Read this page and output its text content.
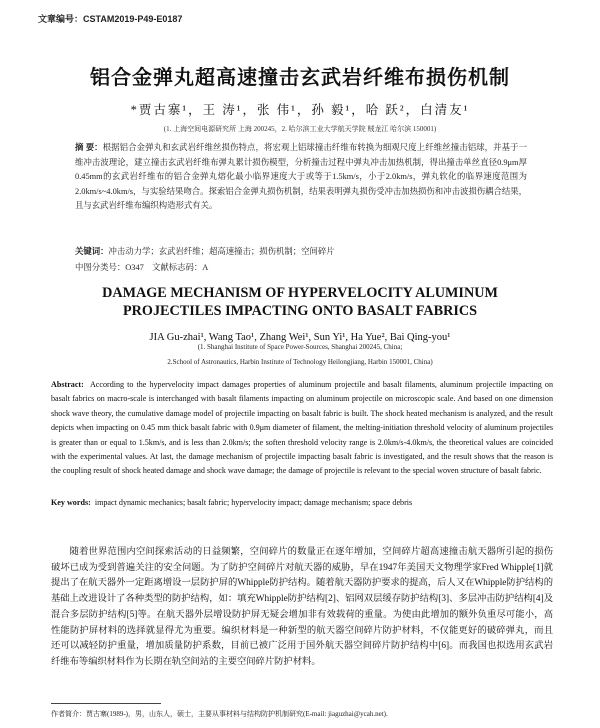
文章编号：CSTAM2019-P49-E0187
铝合金弹丸超高速撞击玄武岩纤维布损伤机制
*贾古寨¹，王 涛¹，张 伟¹，孙 毅¹，哈 跃²，白清友¹
(1. 上海空间电源研究所 上海 200245，2. 哈尔滨工业大学航天学院 贼龙江 哈尔滨 150001)
摘 要：根据铝合金弹丸和玄武岩纤维丝损伤特点，将宏观上铝球撞击纤维布转换为细观尺度上纤维丝撞击铝球，并基于一维冲击波理论，建立撞击玄武岩纤维布弹丸累计损伤模型，分析撞击过程中弹丸冲击加热机制，得出撞击单丝直径0.9μm厚0.45mm的玄武岩纤维布的铝合金弹丸熔化最小临界速度大于或等于1.5km/s，小于2.0km/s，弹丸软化的临界速度范围为2.0km/s~4.0km/s，与实验结果吻合。探索铝合金弹丸损伤机制，结果表明弹丸损伤受冲击加热损伤和冲击波损伤耦合结果，且与玄武岩纤维布编织构造形式有关。
关键词：冲击动力学；玄武岩纤维；超高速撞击；损伤机制；空间碎片
中图分类号：O347 文献标志码：A
DAMAGE MECHANISM OF HYPERVELOCITY ALUMINUM
PROJECTILES IMPACTING ONTO BASALT FABRICS
JIA Gu-zhai¹, Wang Tao¹, Zhang Wei¹, Sun Yi¹, Ha Yue², Bai Qing-you¹
(1. Shanghai Institute of Space Power-Sources, Shanghai 200245, China;
2.School of Astronautics, Harbin Institute of Technology Heilongjiang, Harbin 150001, China)
Abstract: According to the hypervelocity impact damages properties of aluminum projectile and basalt filaments, aluminum projectile impacting on basalt fabrics on macro-scale is interchanged with basalt filaments impacting on aluminum projectile on microscopic scale. And based on one dimension shock wave theory, the cumulative damage model of projectile impacting on basalt fabric is built. The shock heated mechanism is analyzed, and the result depicts when impacting on 0.45 mm thick basalt fabric with 0.9μm diameter of filament, the melting-initiation threshold velocity of aluminum projectiles is greater than or equal to 1.5km/s, and is less than 2.0km/s; the soften threshold velocity range is 2.0km/s-4.0km/s, the theoretical values are coincided with the experimental values. At last, the damage mechanism of projectile impacting basalt fabric is investigated, and the result shows that the reason is the coupling result of shock heated damage and shock wave damage; the damage of projectile is relevant to the special woven structure of basalt fabric.
Key words: impact dynamic mechanics; basalt fabric; hypervelocity impact; damage mechanism; space debris
随着世界范围内空间探索活动的日益频繁，空间碎片的数量正在逐年增加，空间碎片超高速撞击航天器所引起的损伤破坏已成为受到普遍关注的安全问题。为了防护空间碎片对航天器的威胁，早在1947年美国天文物理学家Fred Whipple[1]就提出了在航天器外一定距离增设一层防护屏的Whipple防护结构。随着航天器防护要求的提高，后人又在Whipple防护结构的基础上改进设计了各种类型的防护结构，如：填充Whipple防护结构[2]、铝网双层缓存防护结构[3]、多层冲击防护结构[4]及混合多层防护结构[5]等。在航天器外层增设防护屏无疑会增加非有效载荷的重量。为使由此增加的额外负重尽可能小，高性能防护屏材料的选择就显得尤为重要。编织材料是一种新型的航天器空间碎片防护材料，不仅能更好的破碎弹丸，而且还可以减轻防护重量，增加质量防护系数，目前已被广泛用于国外航天器空间碎片防护结构中[6]。而我国也拟选用玄武岩纤维布等编织材料作为长期在轨空间站的主要空间碎片防护材料。
作者简介：贾古寨(1989-)，男，山东人，硕士，主要从事材料与结构防护机制研究(E-mail: jiaguzhai@ycah.net).
